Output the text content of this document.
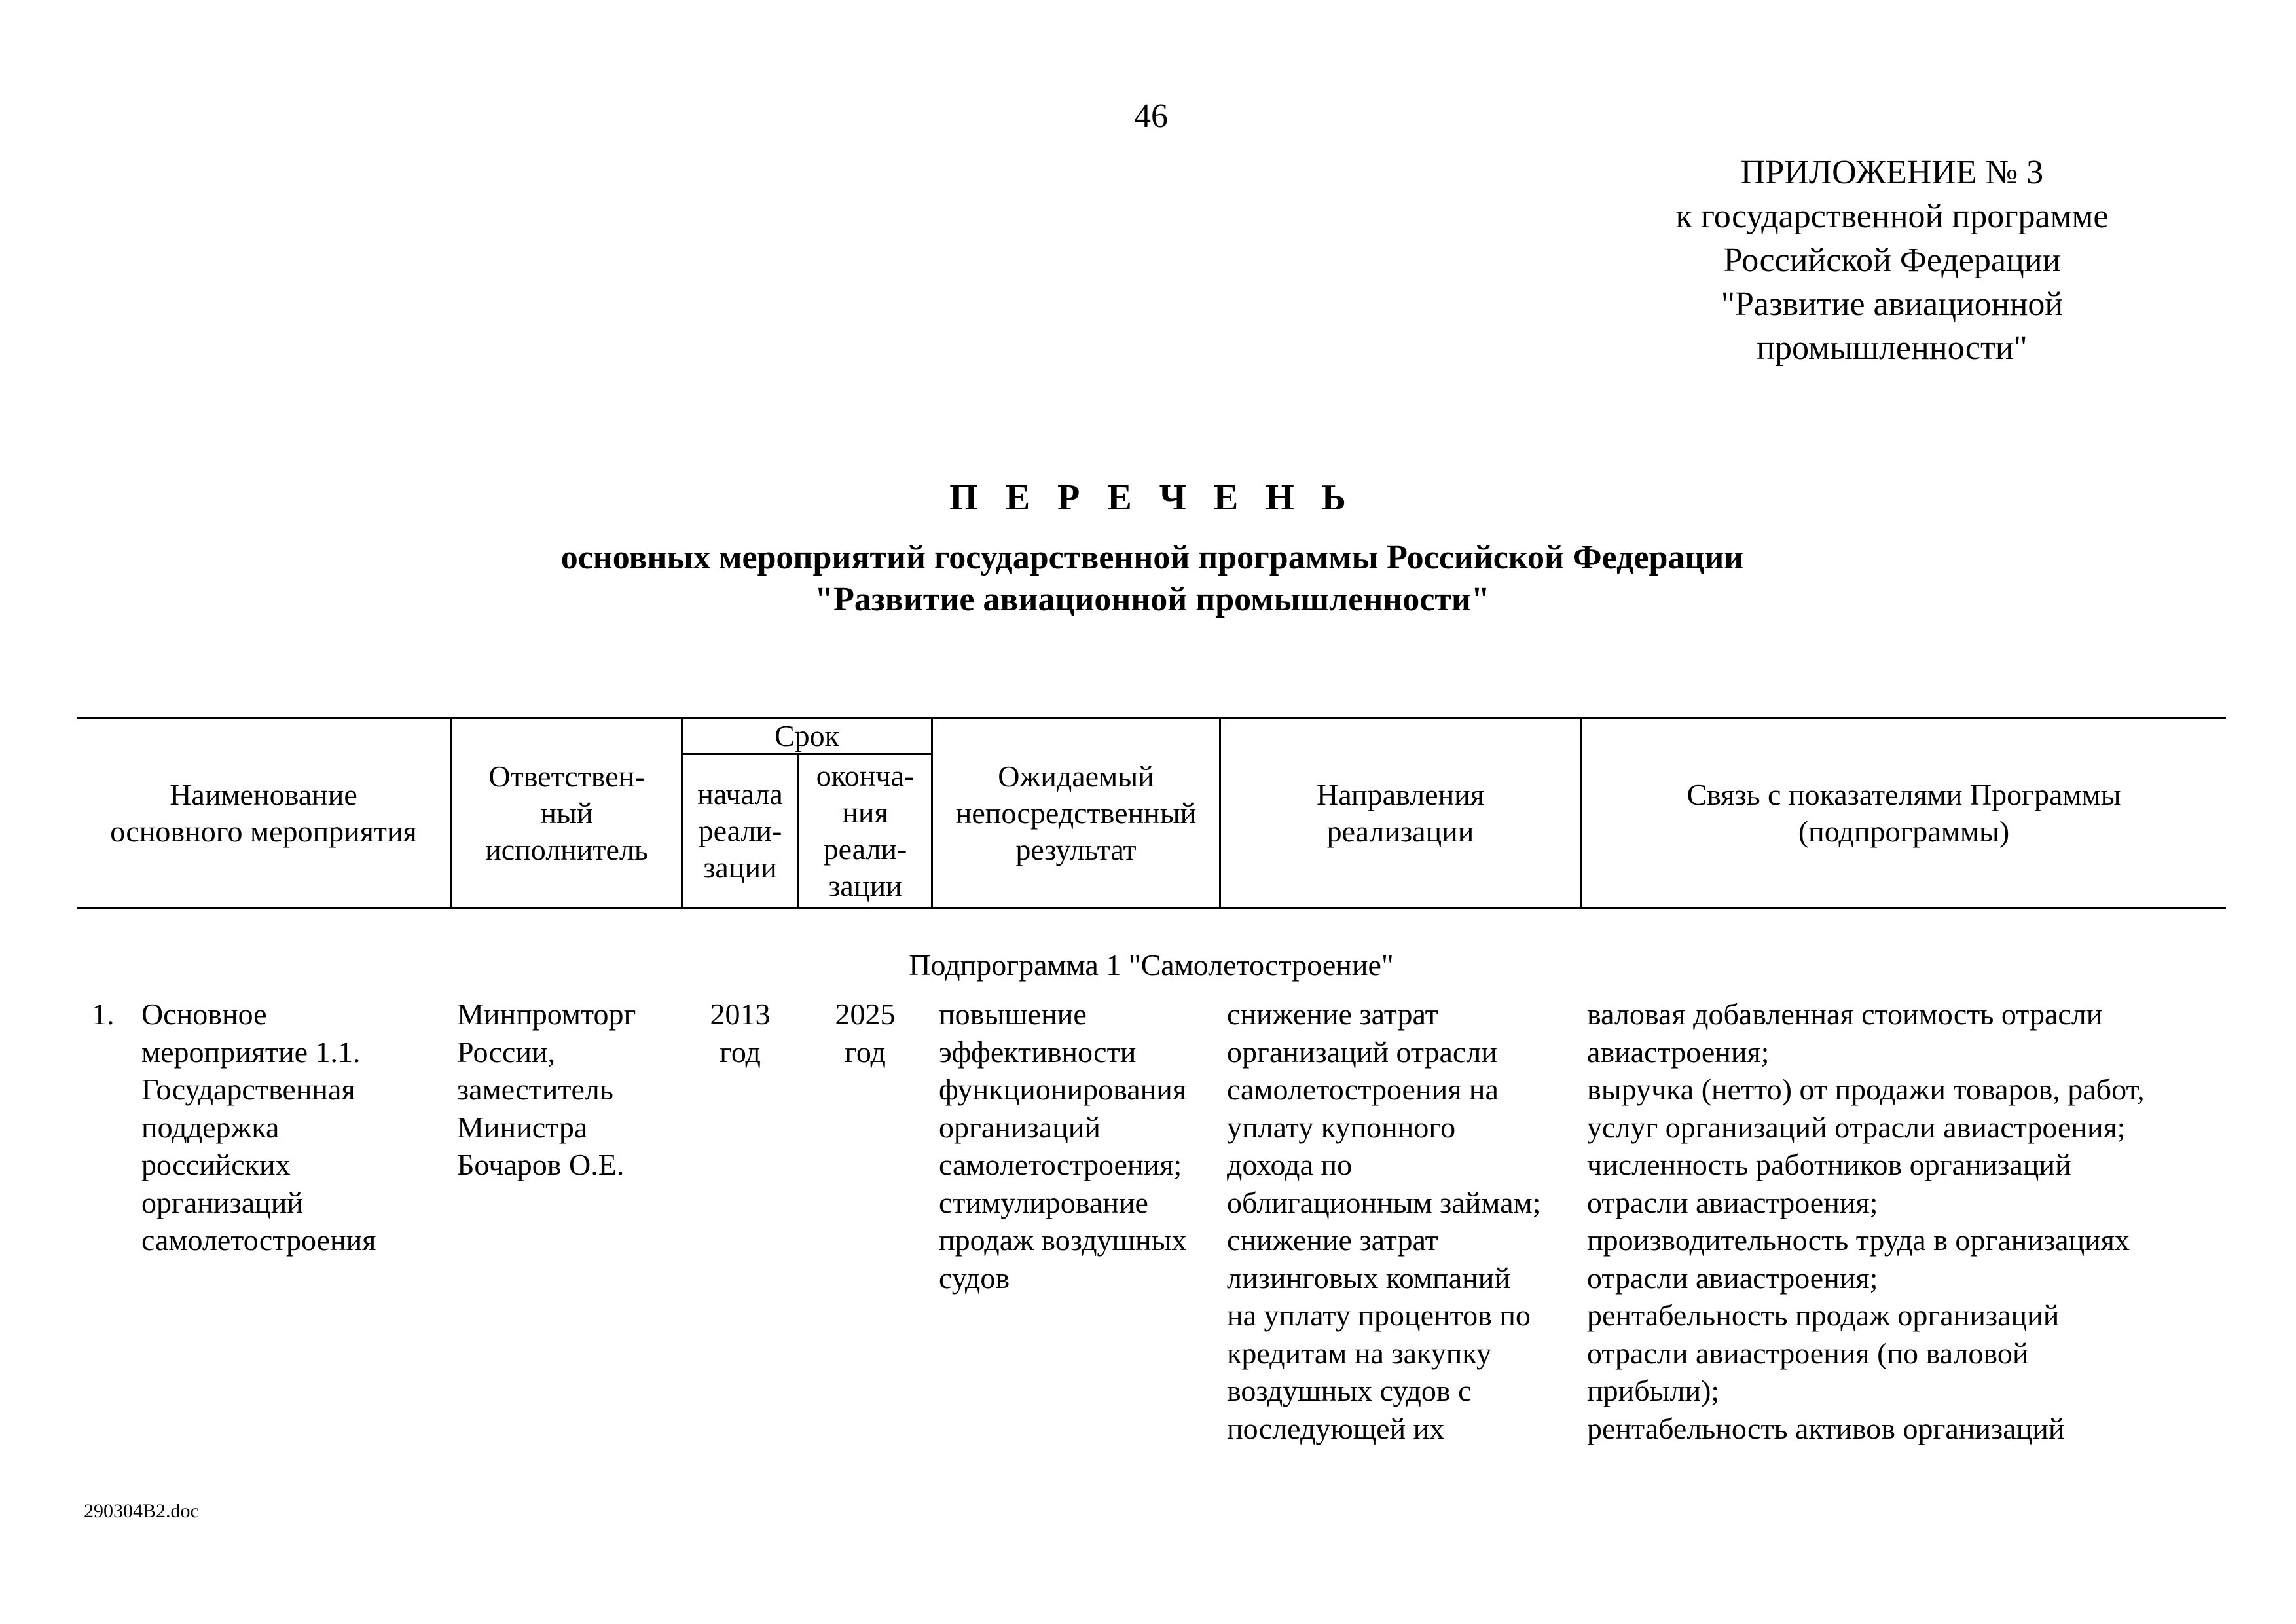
46
ПРИЛОЖЕНИЕ № 3
к государственной программе
Российской Федерации
"Развитие авиационной
промышленности"
П Е Р Е Ч Е Н Ь
основных мероприятий государственной программы Российской Федерации
"Развитие авиационной промышленности"
Наименование
основного мероприятия
Ответствен-
ный
исполнитель
Срок
начала
реали-
зации
оконча-
ния
реали-
зации
Ожидаемый
непосредственный
результат
Направления
реализации
Связь с показателями Программы
(подпрограммы)
Подпрограмма 1 "Самолетостроение"
1. Основное
мероприятие 1.1.
Государственная
поддержка
российских
организаций
самолетостроения
Минпромторг
России,
заместитель
Министра
Бочаров О.Е.
2013
год
2025
год
повышение
эффективности
функционирования
организаций
самолетостроения;
стимулирование
продаж воздушных
судов
снижение затрат
организаций отрасли
самолетостроения на
уплату купонного
дохода по
облигационным займам;
снижение затрат
лизинговых компаний
на уплату процентов по
кредитам на закупку
воздушных судов с
последующей их
валовая добавленная стоимость отрасли
авиастроения;
выручка (нетто) от продажи товаров, работ,
услуг организаций отрасли авиастроения;
численность работников организаций
отрасли авиастроения;
производительность труда в организациях
отрасли авиастроения;
рентабельность продаж организаций
отрасли авиастроения (по валовой
прибыли);
рентабельность активов организаций
290304B2.doc
